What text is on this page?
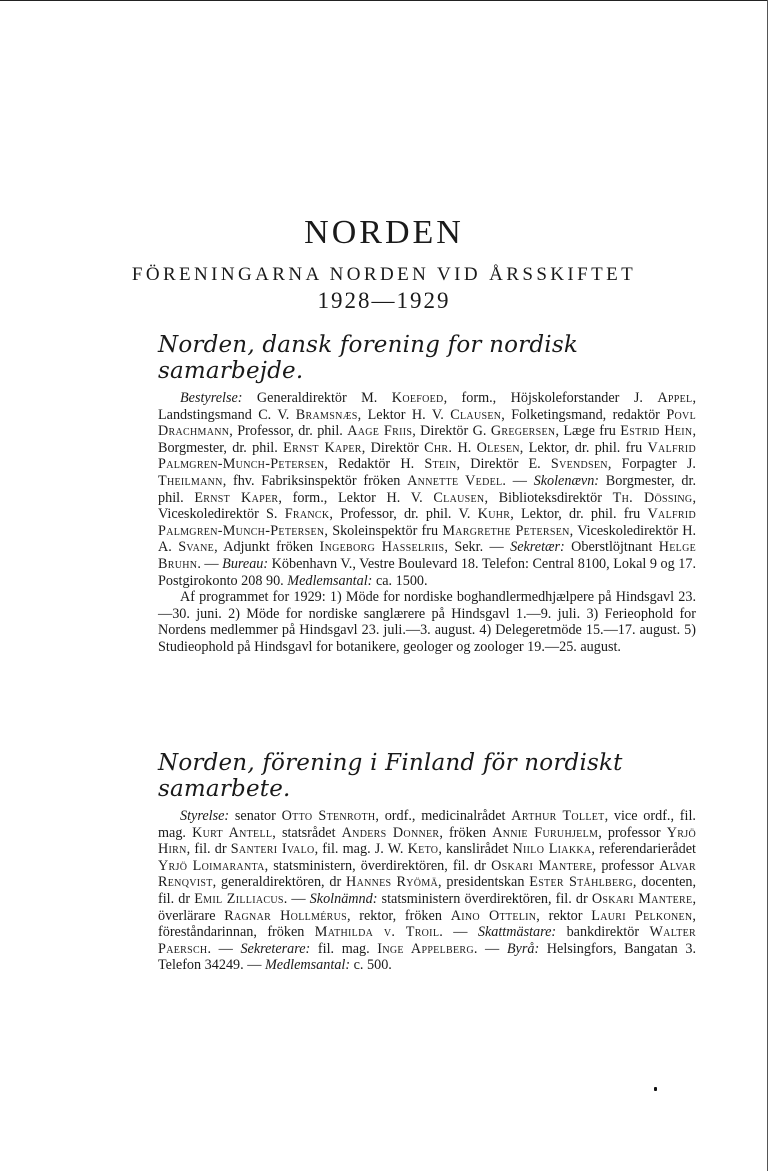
NORDEN
FÖRENINGARNA NORDEN VID ÅRSSKIFTET
1928—1929
Norden, dansk forening for nordisk samarbejde.

Bestyrelse: Generaldirektör M. Koefoed, form., Höjskoleforstander J. Appel, Landstingsmand C. V. Bramsnæs, Lektor H. V. Clausen, Folketingsmand, redaktör Povl Drachmann, Professor, dr. phil. Aage Friis, Direktör G. Gregersen, Læge fru Estrid Hein, Borgmester, dr. phil. Ernst Kaper, Direktör Chr. H. Olesen, Lektor, dr. phil. fru Valfrid Palmgren-Munch-Petersen, Redaktör H. Stein, Direktör E. Svendsen, Forpagter J. Theilmann, fhv. Fabriksinspektör fröken Annette Vedel. — Skolenævn: Borgmester, dr. phil. Ernst Kaper, form., Lektor H. V. Clausen, Biblioteksdirektör Th. Dössing, Viceskoledirektör S. Franck, Professor, dr. phil. V. Kuhr, Lektor, dr. phil. fru Valfrid Palmgren-Munch-Petersen, Skoleinspektör fru Margrethe Petersen, Viceskoledirektör H. A. Svane, Adjunkt fröken Ingeborg Hasselriis, Sekr. — Sekretær: Oberstlöjtnant Helge Bruhn. — Bureau: Köbenhavn V., Vestre Boulevard 18. Telefon: Central 8100, Lokal 9 og 17. Postgirokonto 208 90. Medlemsantal: ca. 1500.

Af programmet for 1929: 1) Möde for nordiske boghandlermedhjælpere på Hindsgavl 23.—30. juni. 2) Möde for nordiske sanglærere på Hindsgavl 1.—9. juli. 3) Ferieophold for Nordens medlemmer på Hindsgavl 23. juli.—3. august. 4) Delegeretmöde 15.—17. august. 5) Studieophold på Hindsgavl for botanikere, geologer og zoologer 19.—25. august.

Norden, förening i Finland för nordiskt samarbete.

Styrelse: senator Otto Stenroth, ordf., medicinalrådet Arthur Tollet, vice ordf., fil. mag. Kurt Antell, statsrådet Anders Donner, fröken Annie Furuhjelm, professor Yrjö Hirn, fil. dr Santeri Ivalo, fil. mag. J. W. Keto, kanslirådet Niilo Liakka, referendarierådet Yrjö Loimaranta, statsministern, överdirektören, fil. dr Oskari Mantere, professor Alvar Renqvist, generaldirektören, dr Hannes Ryömä, presidentskan Ester Ståhlberg, docenten, fil. dr Emil Zilliacus. — Skolnämnd: statsministern överdirektören, fil. dr Oskari Mantere, överlärare Ragnar Hollmérus, rektor, fröken Aino Ottelin, rektor Lauri Pelkonen, föreståndarinnan, fröken Mathilda v. Troil. — Skattmästare: bankdirektör Walter Paersch. — Sekreterare: fil. mag. Inge Appelberg. — Byrå: Helsingfors, Bangatan 3. Telefon 34249. — Medlemsantal: c. 500.
